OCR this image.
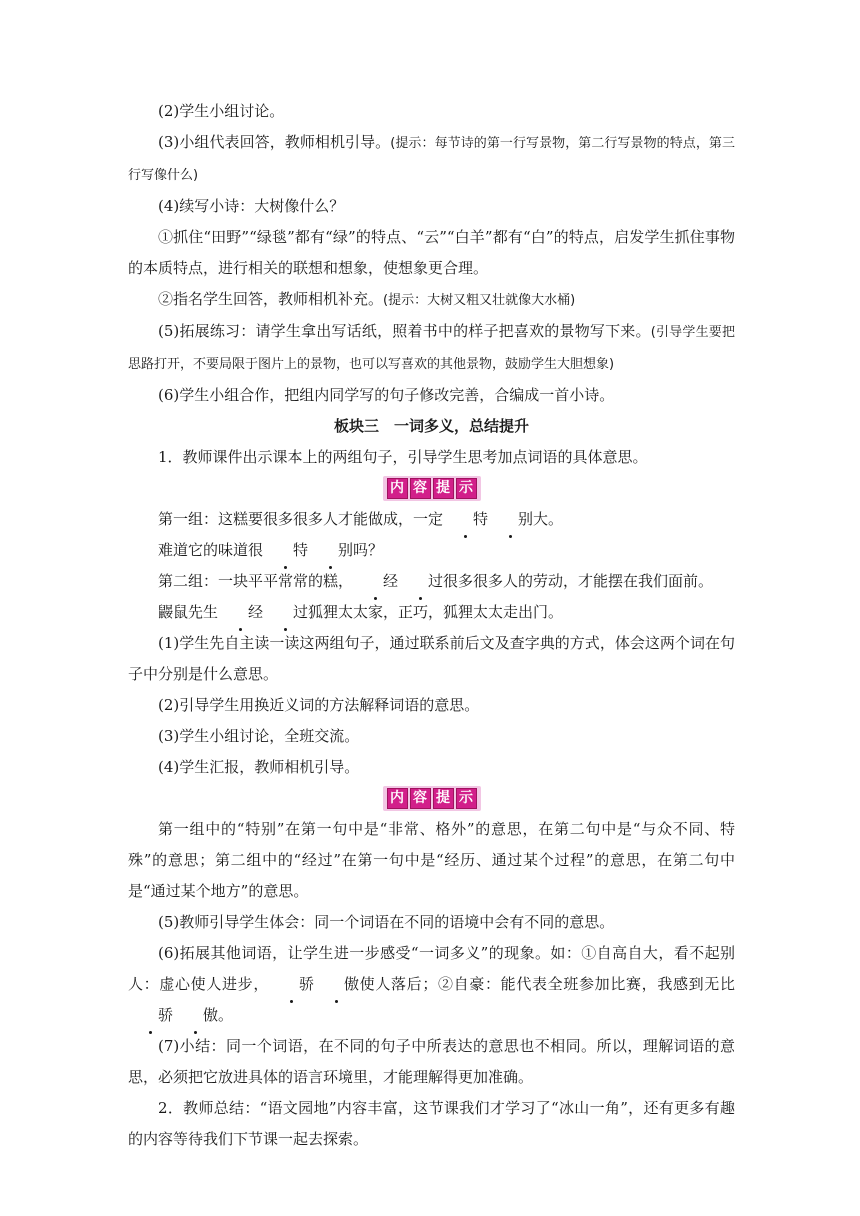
(2)学生小组讨论。

(3)小组代表回答，教师相机引导。(提示：每节诗的第一行写景物，第二行写景物的特点，第三行写像什么)

(4)续写小诗：大树像什么？

①抓住“田野”“绿毯”都有“绿”的特点、“云”“白羊”都有“白”的特点，启发学生抓住事物的本质特点，进行相关的联想和想象，使想象更合理。

②指名学生回答，教师相机补充。(提示：大树又粗又壮就像大水桶)

(5)拓展练习：请学生拿出写话纸，照着书中的样子把喜欢的景物写下来。(引导学生要把思路打开，不要局限于图片上的景物，也可以写喜欢的其他景物，鼓励学生大胆想象)

(6)学生小组合作，把组内同学写的句子修改完善，合编成一首小诗。

板块三　一词多义，总结提升

1．教师课件出示课本上的两组句子，引导学生思考加点词语的具体意思。

内 容 提 示

第一组：这糕要很多很多人才能做成，一定 特 别大。

难道它的味道很 特 别吗？

第二组：一块平平常常的糕， 经 过很多很多人的劳动，才能摆在我们面前。

鼹鼠先生 经 过狐狸太太家，正巧，狐狸太太走出门。

(1)学生先自主读一读这两组句子，通过联系前后文及查字典的方式，体会这两个词在句子中分别是什么意思。

(2)引导学生用换近义词的方法解释词语的意思。

(3)学生小组讨论，全班交流。

(4)学生汇报，教师相机引导。

内 容 提 示

第一组中的“特别”在第一句中是“非常、格外”的意思，在第二句中是“与众不同、特殊”的意思；第二组中的“经过”在第一句中是“经历、通过某个过程”的意思，在第二句中是“通过某个地方”的意思。

(5)教师引导学生体会：同一个词语在不同的语境中会有不同的意思。

(6)拓展其他词语，让学生进一步感受“一词多义”的现象。如：①自高自大，看不起别人：虚心使人进步， 骄 傲使人落后；②自豪：能代表全班参加比赛，我感到无比骄 傲。

(7)小结：同一个词语，在不同的句子中所表达的意思也不相同。所以，理解词语的意思，必须把它放进具体的语言环境里，才能理解得更加准确。

2．教师总结：“语文园地”内容丰富，这节课我们才学习了“冰山一角”，还有更多有趣的内容等待我们下节课一起去探索。
